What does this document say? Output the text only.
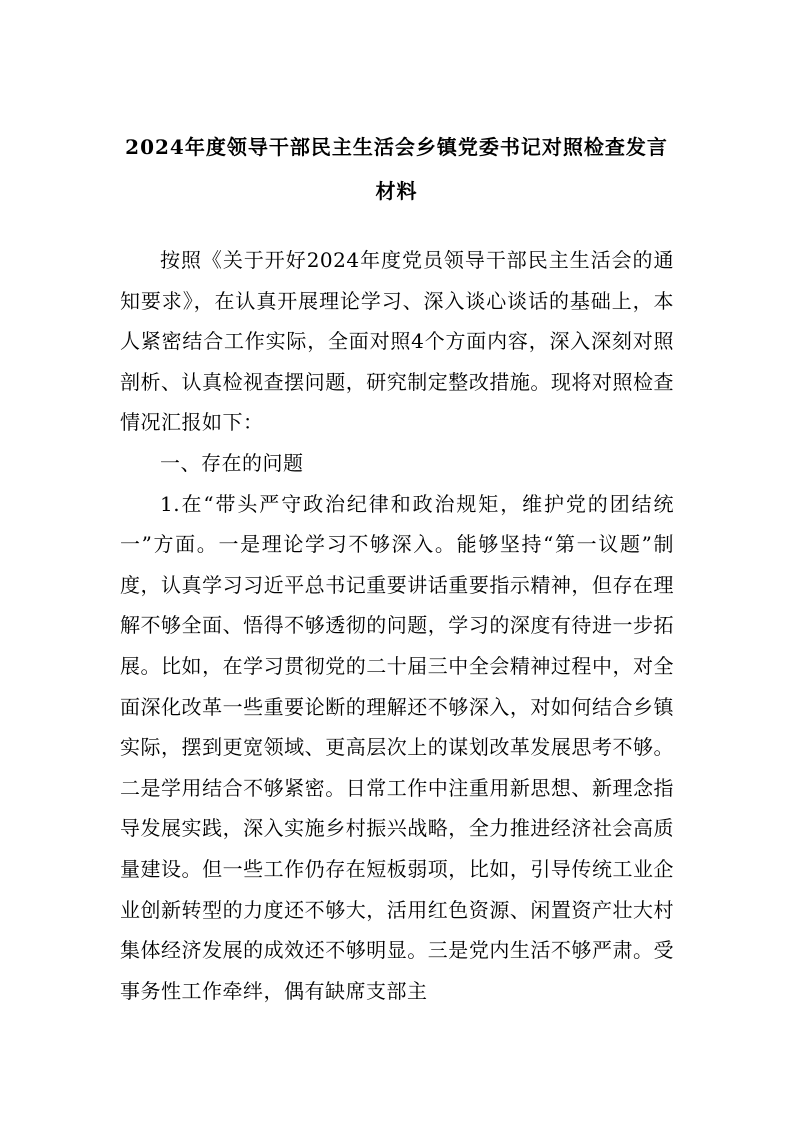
2024年度领导干部民主生活会乡镇党委书记对照检查发言
材料

按照《关于开好2024年度党员领导干部民主生活会的通知要求》，在认真开展理论学习、深入谈心谈话的基础上，本人紧密结合工作实际，全面对照4个方面内容，深入深刻对照剖析、认真检视查摆问题，研究制定整改措施。现将对照检查情况汇报如下：

一、存在的问题

1.在“带头严守政治纪律和政治规矩，维护党的团结统一”方面。一是理论学习不够深入。能够坚持“第一议题”制度，认真学习习近平总书记重要讲话重要指示精神，但存在理解不够全面、悟得不够透彻的问题，学习的深度有待进一步拓展。比如，在学习贯彻党的二十届三中全会精神过程中，对全面深化改革一些重要论断的理解还不够深入，对如何结合乡镇实际，摆到更宽领域、更高层次上的谋划改革发展思考不够。二是学用结合不够紧密。日常工作中注重用新思想、新理念指导发展实践，深入实施乡村振兴战略，全力推进经济社会高质量建设。但一些工作仍存在短板弱项，比如，引导传统工业企业创新转型的力度还不够大，活用红色资源、闲置资产壮大村集体经济发展的成效还不够明显。三是党内生活不够严肃。受事务性工作牵绊，偶有缺席支部主
